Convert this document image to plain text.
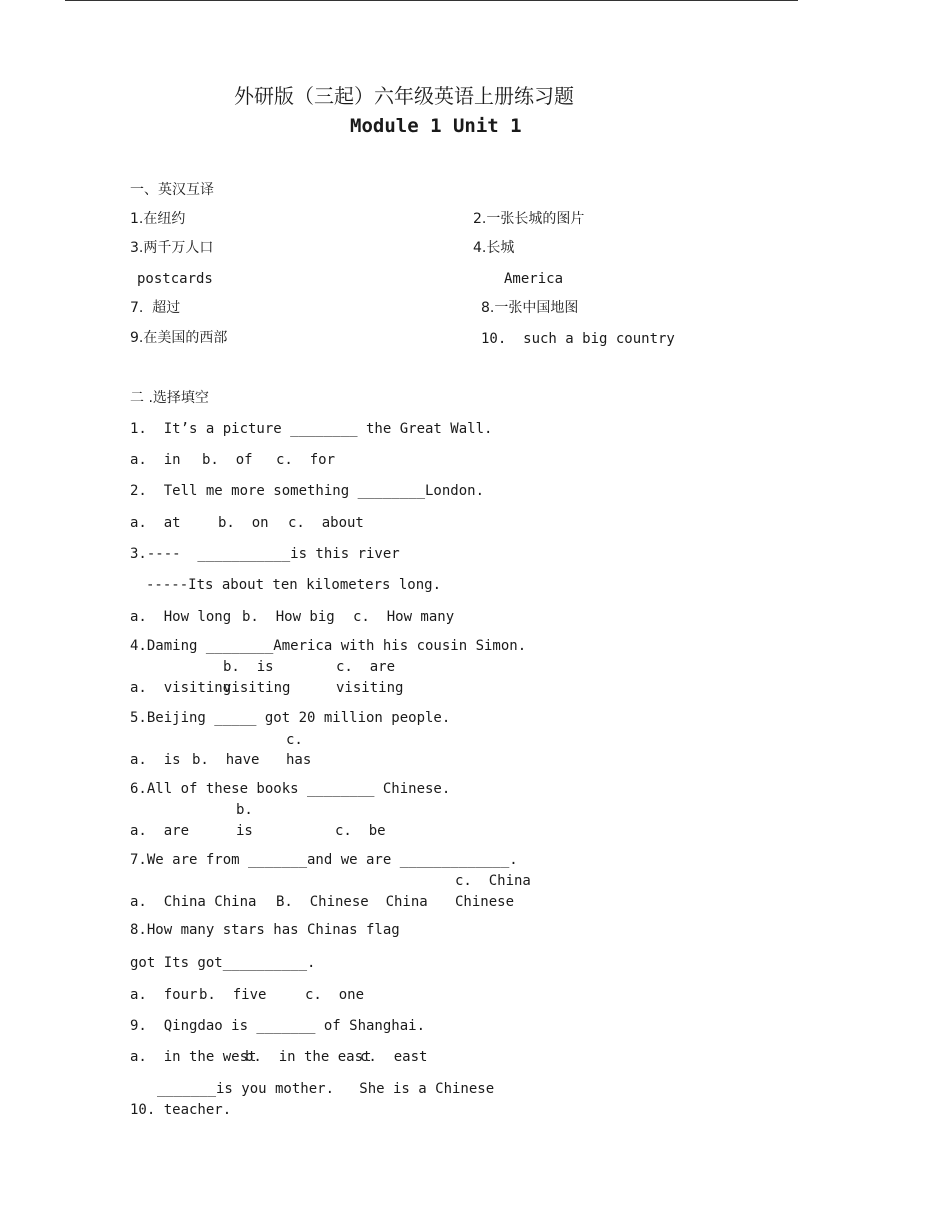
外研版（三起）六年级英语上册练习题
Module 1 Unit 1
一、英汉互译
1.在纽约	2.一张长城的图片
3.两千万人口	4.长城
postcards	America
7.  超过	8.一张中国地图
9.在美国的西部	10.  such a big country
二 .选择填空
1.  It’s a picture ________ the Great Wall.
a.  in b.  of c.  for
2.  Tell me more something ________London.
a.  at	b.  on c.  about
3.----  ___________is this river
-----Its about ten kilometers long.
a.  How long b.  How big c.  How many
4.Daming ________America with his cousin Simon.
a.  visiting
b.  is
visiting
c.  are
visiting
5.Beijing _____ got 20 million people.
a.  is b.  have
c.
has
6.All of these books ________ Chinese.
a.  are
b.
is	c.  be
7.We are from _______and we are _____________.
a.  China China B.  Chinese  China
c.  China
Chinese
8.How many stars has Chinas flag
got Its got__________.
a.  four b.  five	c.  one
9.  Qingdao is _______ of Shanghai.
a.  in the west
b.  in the east
c.  east
_______is you mother.   She is a Chinese
10. teacher.
